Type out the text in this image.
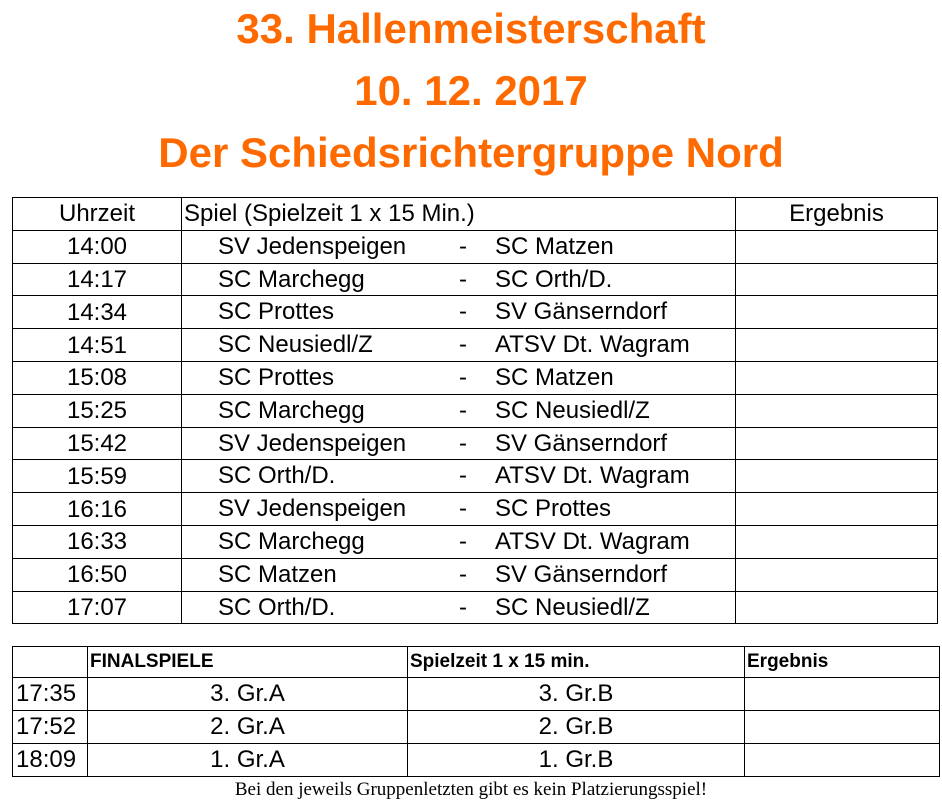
33. Hallenmeisterschaft
10. 12. 2017
Der Schiedsrichtergruppe Nord
Uhrzeit	Spiel (Spielzeit 1 x 15 Min.)	Ergebnis
14:00	SV Jedenspeigen - SC Matzen	

14:17	SC Marchegg - SC Orth/D.	

14:34	SC Prottes - SV Gänserndorf	

14:51	SC Neusiedl/Z - ATSV Dt. Wagram	

15:08	SC Prottes - SC Matzen	

15:25	SC Marchegg - SC Neusiedl/Z	

15:42	SV Jedenspeigen - SV Gänserndorf	

15:59	SC Orth/D. - ATSV Dt. Wagram	

16:16	SV Jedenspeigen - SC Prottes	

16:33	SC Marchegg - ATSV Dt. Wagram	

16:50	SC Matzen - SV Gänserndorf	

17:07	SC Orth/D. - SC Neusiedl/Z	

	FINALSPIELE	Spielzeit 1 x 15 min.	Ergebnis
17:35	3. Gr.A	3. Gr.B	
17:52	2. Gr.A	2. Gr.B	
18:09	1. Gr.A	1. Gr.B	
Bei den jeweils Gruppenletzten gibt es kein Platzierungsspiel!
